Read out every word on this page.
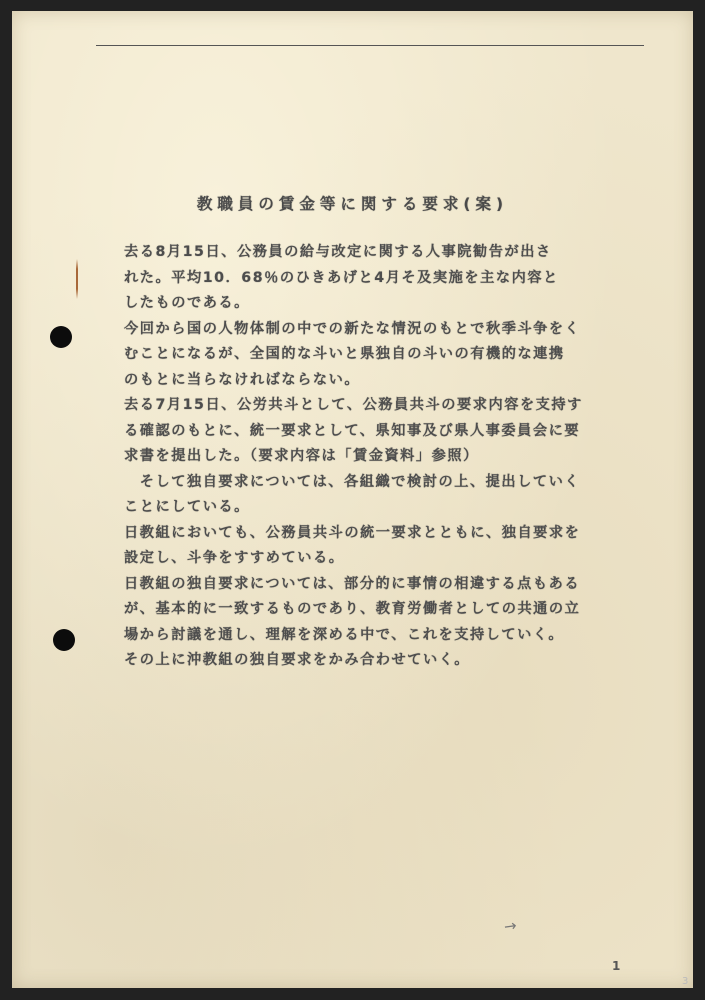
教職員の賃金等に関する要求(案)
去る8月15日、公務員の給与改定に関する人事院勧告が出さ
れた。平均10．68％のひきあげと4月そ及実施を主な内容と
したものである。
今回から国の人物体制の中での新たな情況のもとで秋季斗争をく
むことになるが、全国的な斗いと県独自の斗いの有機的な連携
のもとに当らなければならない。
去る7月15日、公労共斗として、公務員共斗の要求内容を支持す
る確認のもとに、統一要求として、県知事及び県人事委員会に要
求書を提出した。（要求内容は「賃金資料」参照）
　そして独自要求については、各組織で検討の上、提出していく
ことにしている。
日教組においても、公務員共斗の統一要求とともに、独自要求を
設定し、斗争をすすめている。
日教組の独自要求については、部分的に事情の相違する点もある
が、基本的に一致するものであり、教育労働者としての共通の立
場から討議を通し、理解を深める中で、これを支持していく。
その上に沖教組の独自要求をかみ合わせていく。
→
1
3
